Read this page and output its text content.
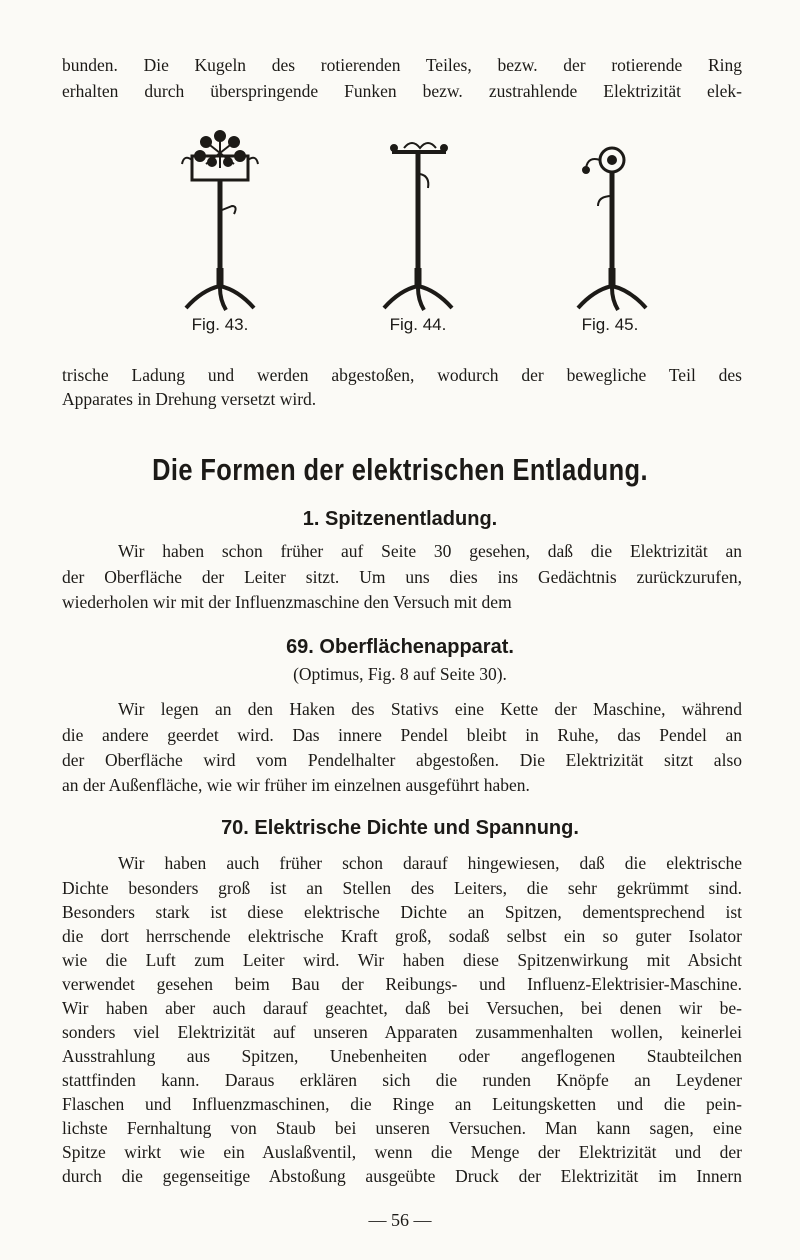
bunden. Die Kugeln des rotierenden Teiles, bezw. der rotierende Ring
erhalten durch überspringende Funken bezw. zustrahlende Elektrizität elek-
Fig. 43.	Fig. 44.	Fig. 45.
trische Ladung und werden abgestoßen, wodurch der bewegliche Teil des
Apparates in Drehung versetzt wird.
Die Formen der elektrischen Entladung.
1. Spitzenentladung.
Wir haben schon früher auf Seite 30 gesehen, daß die Elektrizität an
der Oberfläche der Leiter sitzt. Um uns dies ins Gedächtnis zurückzurufen,
wiederholen wir mit der Influenzmaschine den Versuch mit dem
69. Oberflächenapparat.
(Optimus, Fig. 8 auf Seite 30).
Wir legen an den Haken des Stativs eine Kette der Maschine, während
die andere geerdet wird. Das innere Pendel bleibt in Ruhe, das Pendel an
der Oberfläche wird vom Pendelhalter abgestoßen. Die Elektrizität sitzt also
an der Außenfläche, wie wir früher im einzelnen ausgeführt haben.
70. Elektrische Dichte und Spannung.
Wir haben auch früher schon darauf hingewiesen, daß die elektrische
Dichte besonders groß ist an Stellen des Leiters, die sehr gekrümmt sind.
Besonders stark ist diese elektrische Dichte an Spitzen, dementsprechend ist
die dort herrschende elektrische Kraft groß, sodaß selbst ein so guter Isolator
wie die Luft zum Leiter wird. Wir haben diese Spitzenwirkung mit Absicht
verwendet gesehen beim Bau der Reibungs- und Influenz-Elektrisier-Maschine.
Wir haben aber auch darauf geachtet, daß bei Versuchen, bei denen wir be-
sonders viel Elektrizität auf unseren Apparaten zusammenhalten wollen, keinerlei
Ausstrahlung aus Spitzen, Unebenheiten oder angeflogenen Staubteilchen
stattfinden kann. Daraus erklären sich die runden Knöpfe an Leydener
Flaschen und Influenzmaschinen, die Ringe an Leitungsketten und die pein-
lichste Fernhaltung von Staub bei unseren Versuchen. Man kann sagen, eine
Spitze wirkt wie ein Auslaßventil, wenn die Menge der Elektrizität und der
durch die gegenseitige Abstoßung ausgeübte Druck der Elektrizität im Innern
— 56 —
